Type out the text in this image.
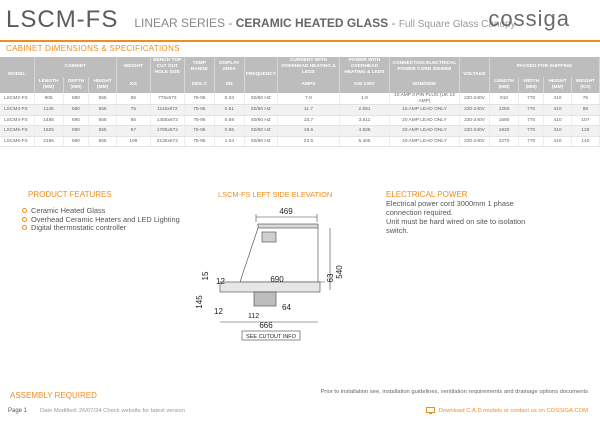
LSCM-FS LINEAR SERIES - CERAMIC HEATED GLASS - Full Square Glass Canopy
cossiga
CABINET DIMENSIONS & SPECIFICATIONS
MODEL	CABINET			WEIGHT	BENCH TOP CUT OUT HOLE SIZE	TEMP RANGE	DISPLAY AREA	FREQUENCY	CURRENT WITH OVERHEAD HEATING & LEDS	POWER WITH OVERHEAD HEATING & LEDS	CONNECTION ELECTRICAL POWER CORD 3000MM	VOLTAGE	PACKED FOR SHIPPING			
	LENGTH (MM)	DEPTH (MM)	HEIGHT (MM)	KG		DEG C	M2		AMPS	KW 230V	NOM/250K		LENGTH (MM)	WIDTH (MM)	HEIGHT (MM)	WEIGHT (KG)
LSCM2-FS	805	690	555	65	775x672	75-95	0.33	50/60 HZ	7.9	1.9	10 AMP 3 PIN PLUG (UK 13 AMP)	220-240V	910	770	410	76
LSCM3-FS	1145	690	555	75	1115x672	75-95	0.51	50/60 HZ	11.7	2.691	15 AMP LEAD ONLY	220-240V	1250	770	410	88
LSCM4-FS	1485	690	555	85	1455x672	75-95	0.68	50/60 HZ	15.7	3.611	20 AMP LEAD ONLY	220-240V	1590	770	410	107
LSCM5-FS	1825	690	555	97	1795x672	75-95	0.86	50/60 HZ	19.6	4.508	20 AMP LEAD ONLY	220-240V	1930	770	410	128
LSCM6-FS	2165	690	555	109	2135x672	75-95	1.04	50/60 HZ	23.5	5.405	20 AMP LEAD ONLY	220-240V	2270	770	410	140
PRODUCT FEATURES
Ceramic Heated Glass
Overhead Ceramic Heaters and LED Lighting
Digital thermostatic controller
LSCM-FS LEFT SIDE ELEVATION
469
690
540
63
15
12
145
12
112
64
666
SEE CUTOUT INFO
ELECTRICAL POWER
Electrical power cord 3000mm 1 phase
connection required.
Unit must be hard wired on site to isolation
switch.
ASSEMBLY REQUIRED	Prior to installation see, installation guidelines, ventilation requirements and drainage options documents
Page 1 Date Modified: 26/07/24 Check website for latest version	Download C.A.D models or contact us on COSSIGA.COM
